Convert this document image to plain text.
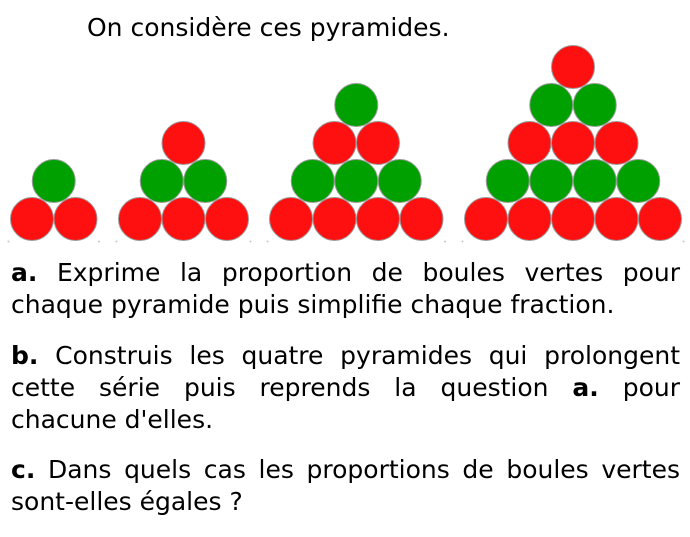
On considère ces pyramides.
a. Exprime la proportion de boules vertes pour chaque pyramide puis simplifie chaque fraction.
b. Construis les quatre pyramides qui prolongent cette série puis reprends la question a. pour chacune d'elles.
c. Dans quels cas les proportions de boules vertes sont-elles égales ?
